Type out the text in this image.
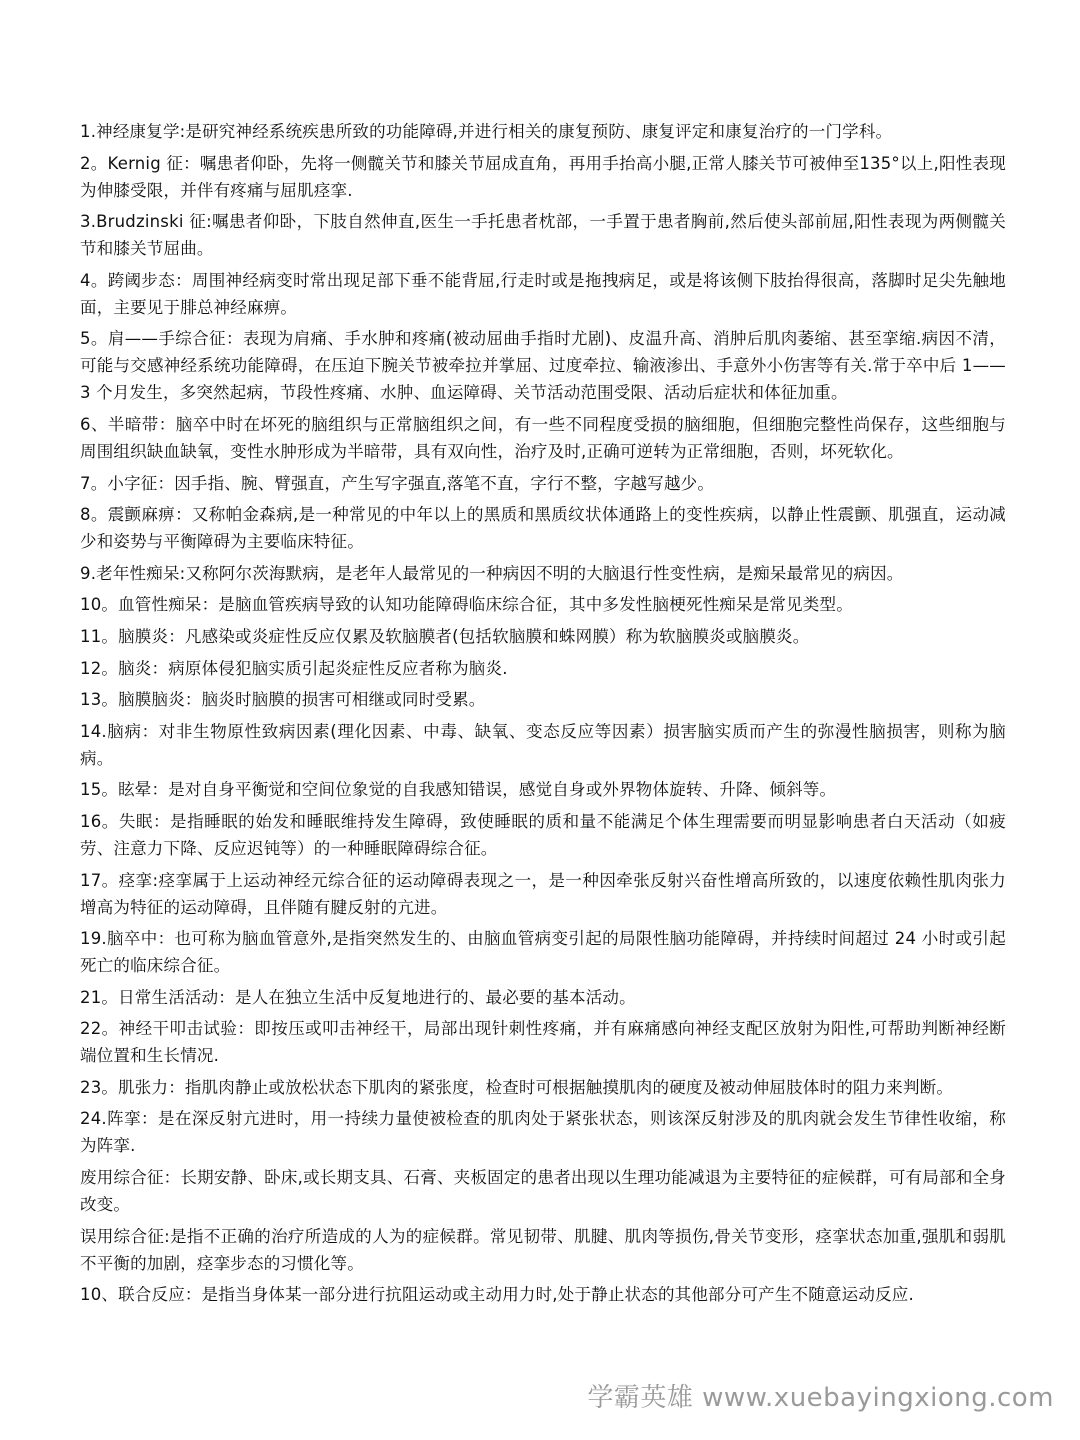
1.神经康复学:是研究神经系统疾患所致的功能障碍,并进行相关的康复预防、康复评定和康复治疗的一门学科。

2。Kernig 征：嘱患者仰卧，先将一侧髋关节和膝关节屈成直角，再用手抬高小腿,正常人膝关节可被伸至135°以上,阳性表现为伸膝受限，并伴有疼痛与屈肌痉挛.

3.Brudzinski 征:嘱患者仰卧，下肢自然伸直,医生一手托患者枕部，一手置于患者胸前,然后使头部前屈,阳性表现为两侧髋关节和膝关节屈曲。

4。跨阈步态：周围神经病变时常出现足部下垂不能背屈,行走时或是拖拽病足，或是将该侧下肢抬得很高，落脚时足尖先触地面，主要见于腓总神经麻痹。

5。肩——手综合征：表现为肩痛、手水肿和疼痛(被动屈曲手指时尤剧)、皮温升高、消肿后肌肉萎缩、甚至挛缩.病因不清，可能与交感神经系统功能障碍，在压迫下腕关节被牵拉并掌屈、过度牵拉、输液渗出、手意外小伤害等有关.常于卒中后 1——3 个月发生，多突然起病，节段性疼痛、水肿、血运障碍、关节活动范围受限、活动后症状和体征加重。

6、半暗带：脑卒中时在坏死的脑组织与正常脑组织之间，有一些不同程度受损的脑细胞，但细胞完整性尚保存，这些细胞与周围组织缺血缺氧，变性水肿形成为半暗带，具有双向性，治疗及时,正确可逆转为正常细胞，否则，坏死软化。

7。小字征：因手指、腕、臂强直，产生写字强直,落笔不直，字行不整，字越写越少。

8。震颤麻痹：又称帕金森病,是一种常见的中年以上的黑质和黑质纹状体通路上的变性疾病，以静止性震颤、肌强直，运动减少和姿势与平衡障碍为主要临床特征。

9.老年性痴呆:又称阿尔茨海默病，是老年人最常见的一种病因不明的大脑退行性变性病，是痴呆最常见的病因。

10。血管性痴呆：是脑血管疾病导致的认知功能障碍临床综合征，其中多发性脑梗死性痴呆是常见类型。

11。脑膜炎：凡感染或炎症性反应仅累及软脑膜者(包括软脑膜和蛛网膜）称为软脑膜炎或脑膜炎。

12。脑炎：病原体侵犯脑实质引起炎症性反应者称为脑炎.

13。脑膜脑炎：脑炎时脑膜的损害可相继或同时受累。

14.脑病：对非生物原性致病因素(理化因素、中毒、缺氧、变态反应等因素）损害脑实质而产生的弥漫性脑损害，则称为脑病。

15。眩晕：是对自身平衡觉和空间位象觉的自我感知错误，感觉自身或外界物体旋转、升降、倾斜等。

16。失眠：是指睡眠的始发和睡眠维持发生障碍，致使睡眠的质和量不能满足个体生理需要而明显影响患者白天活动（如疲劳、注意力下降、反应迟钝等）的一种睡眠障碍综合征。

17。痉挛:痉挛属于上运动神经元综合征的运动障碍表现之一，是一种因牵张反射兴奋性增高所致的，以速度依赖性肌肉张力增高为特征的运动障碍，且伴随有腱反射的亢进。

19.脑卒中：也可称为脑血管意外,是指突然发生的、由脑血管病变引起的局限性脑功能障碍，并持续时间超过 24 小时或引起死亡的临床综合征。

21。日常生活活动：是人在独立生活中反复地进行的、最必要的基本活动。

22。神经干叩击试验：即按压或叩击神经干，局部出现针刺性疼痛，并有麻痛感向神经支配区放射为阳性,可帮助判断神经断端位置和生长情况.

23。肌张力：指肌肉静止或放松状态下肌肉的紧张度，检查时可根据触摸肌肉的硬度及被动伸屈肢体时的阻力来判断。

24.阵挛：是在深反射亢进时，用一持续力量使被检查的肌肉处于紧张状态，则该深反射涉及的肌肉就会发生节律性收缩，称为阵挛.

废用综合征：长期安静、卧床,或长期支具、石膏、夹板固定的患者出现以生理功能减退为主要特征的症候群，可有局部和全身改变。

误用综合征:是指不正确的治疗所造成的人为的症候群。常见韧带、肌腱、肌肉等损伤,骨关节变形，痉挛状态加重,强肌和弱肌不平衡的加剧，痉挛步态的习惯化等。

10、联合反应：是指当身体某一部分进行抗阻运动或主动用力时,处于静止状态的其他部分可产生不随意运动反应.

学霸英雄 www.xuebayingxiong.com
